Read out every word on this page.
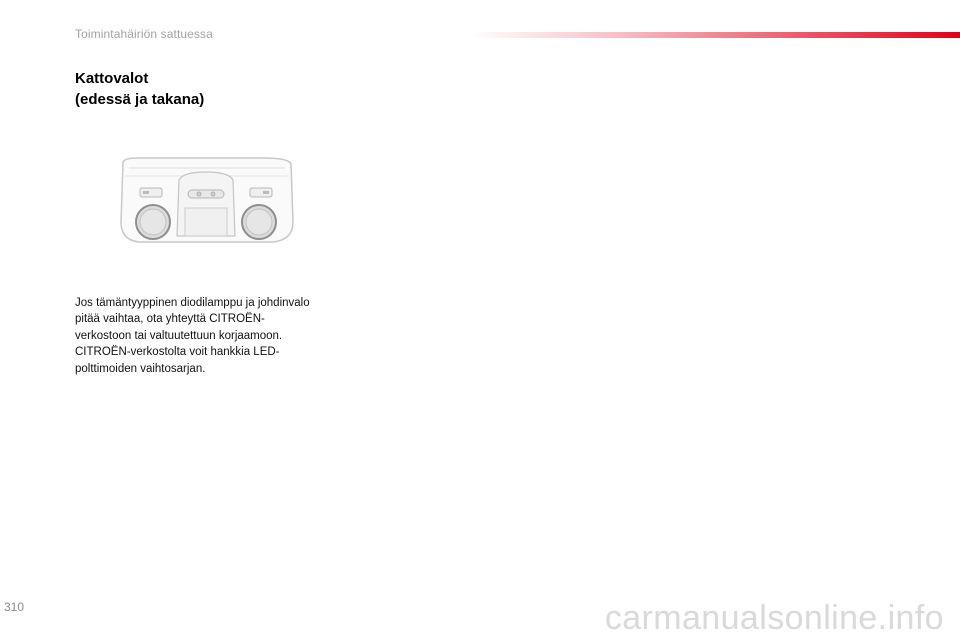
Toimintahäiriön sattuessa
Kattovalot
(edessä ja takana)
Jos tämäntyyppinen diodilamppu ja johdinvalo
pitää vaihtaa, ota yhteyttä CITROËN-
verkostoon tai valtuutettuun korjaamoon.
CITROËN-verkostolta voit hankkia LED-
polttimoiden vaihtosarjan.
310	carmanualsonline.info
